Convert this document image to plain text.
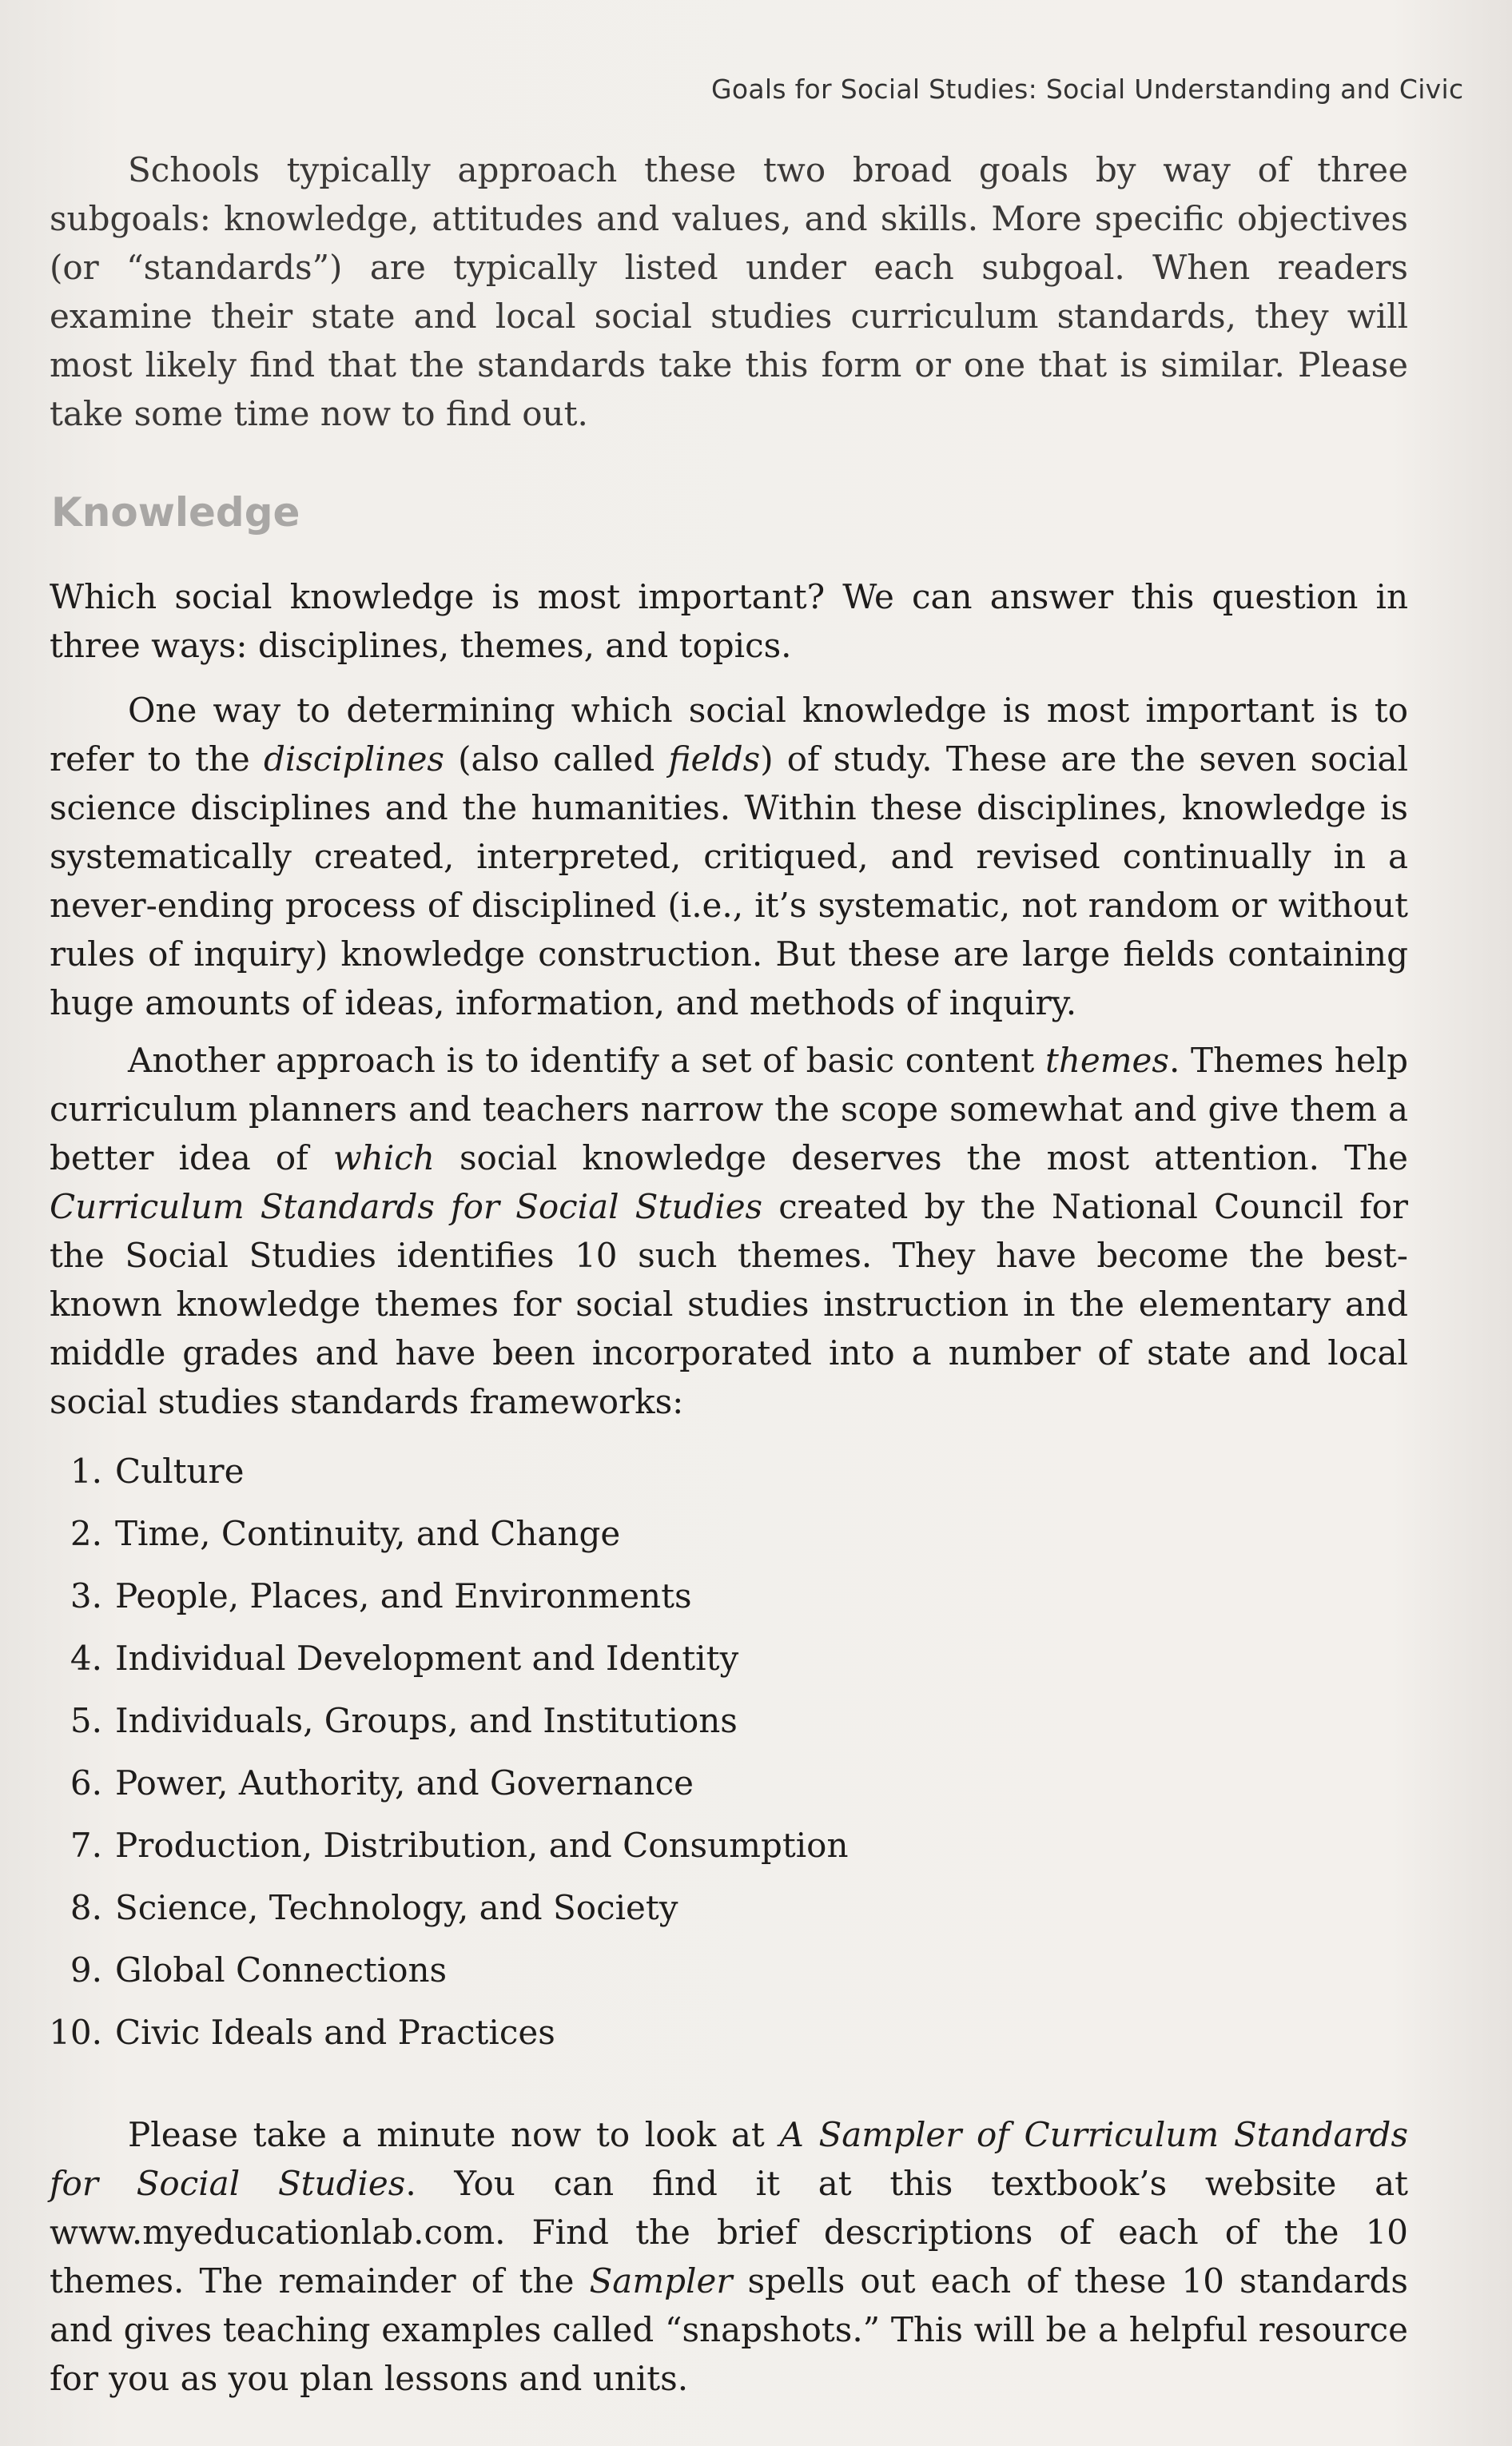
Goals for Social Studies: Social Understanding and Civic

Schools typically approach these two broad goals by way of three subgoals: knowledge, attitudes and values, and skills. More specific objectives (or “standards”) are typically listed under each subgoal. When readers examine their state and local social studies curriculum standards, they will most likely find that the standards take this form or one that is similar. Please take some time now to find out.

Knowledge

Which social knowledge is most important? We can answer this question in three ways: disciplines, themes, and topics.

One way to determining which social knowledge is most important is to refer to the disciplines (also called fields) of study. These are the seven social science disciplines and the humanities. Within these disciplines, knowledge is systematically created, interpreted, critiqued, and revised continually in a never-ending process of disciplined (i.e., it’s systematic, not random or without rules of inquiry) knowledge construction. But these are large fields containing huge amounts of ideas, information, and methods of inquiry.

Another approach is to identify a set of basic content themes. Themes help curriculum planners and teachers narrow the scope somewhat and give them a better idea of which social knowledge deserves the most attention. The Curriculum Standards for Social Studies created by the National Council for the Social Studies identifies 10 such themes. They have become the best-known knowledge themes for social studies instruction in the elementary and middle grades and have been incorporated into a number of state and local social studies standards frameworks:

1. Culture
2. Time, Continuity, and Change
3. People, Places, and Environments
4. Individual Development and Identity
5. Individuals, Groups, and Institutions
6. Power, Authority, and Governance
7. Production, Distribution, and Consumption
8. Science, Technology, and Society
9. Global Connections
10. Civic Ideals and Practices

Please take a minute now to look at A Sampler of Curriculum Standards for Social Studies. You can find it at this textbook’s website at www.myeducationlab.com. Find the brief descriptions of each of the 10 themes. The remainder of the Sampler spells out each of these 10 standards and gives teaching examples called “snapshots.” This will be a helpful resource for you as you plan lessons and units.
